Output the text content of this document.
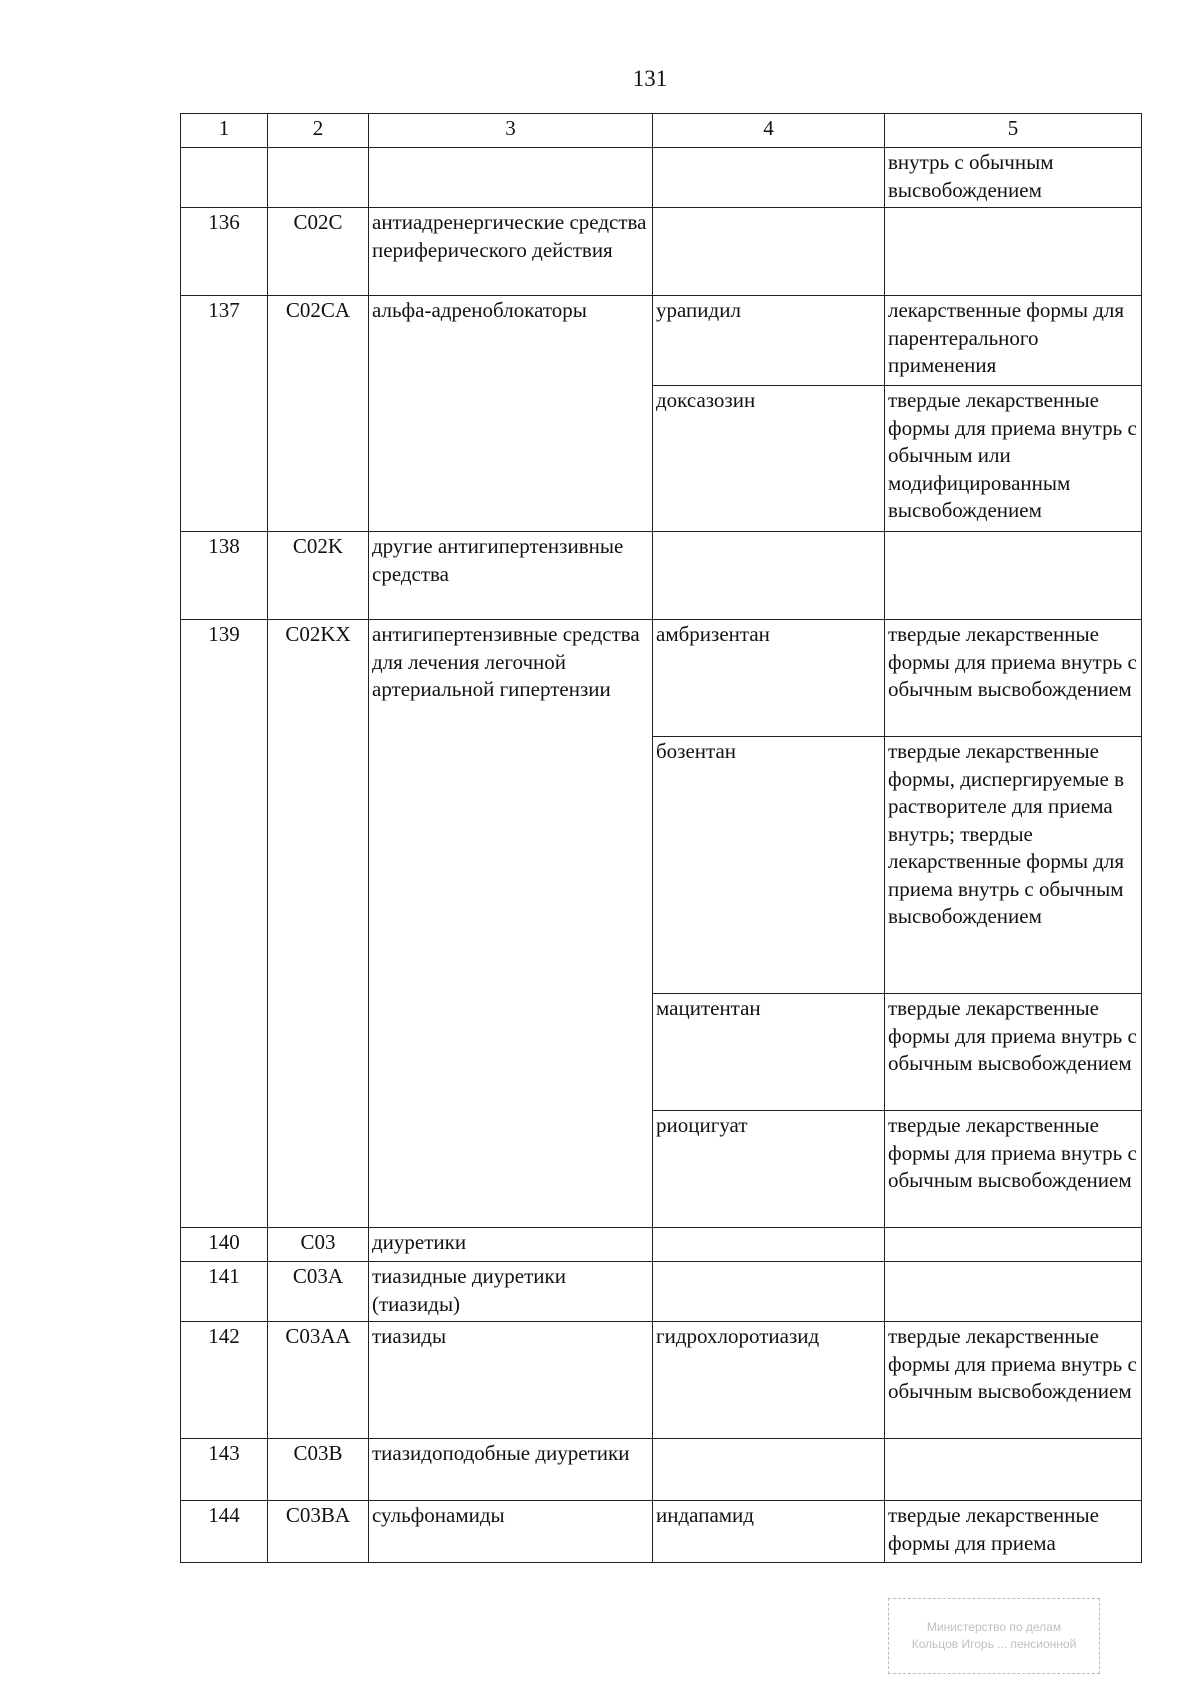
131
1	2	3	4	5
				внутрь с обычным высвобождением
136	C02C	антиадренергические средства периферического действия		
137	C02CA	альфа-адреноблокаторы	урапидил	лекарственные формы для парентерального применения
			доксазозин	твердые лекарственные формы для приема внутрь с обычным или модифицированным высвобождением
138	C02K	другие антигипертензивные средства		
139	C02KX	антигипертензивные средства для лечения легочной артериальной гипертензии	амбризентан	твердые лекарственные формы для приема внутрь с обычным высвобождением
			бозентан	твердые лекарственные формы, диспергируемые в растворителе для приема внутрь; твердые лекарственные формы для приема внутрь с обычным высвобождением
			мацитентан	твердые лекарственные формы для приема внутрь с обычным высвобождением
			риоцигуат	твердые лекарственные формы для приема внутрь с обычным высвобождением
140	C03	диуретики		
141	C03A	тиазидные диуретики (тиазиды)		
142	C03AA	тиазиды	гидрохлоротиазид	твердые лекарственные формы для приема внутрь с обычным высвобождением
143	C03B	тиазидоподобные диуретики		
144	C03BA	сульфонамиды	индапамид	твердые лекарственные формы для приема
Министерство по делам
Кольцов Игорь ... пенсионной
